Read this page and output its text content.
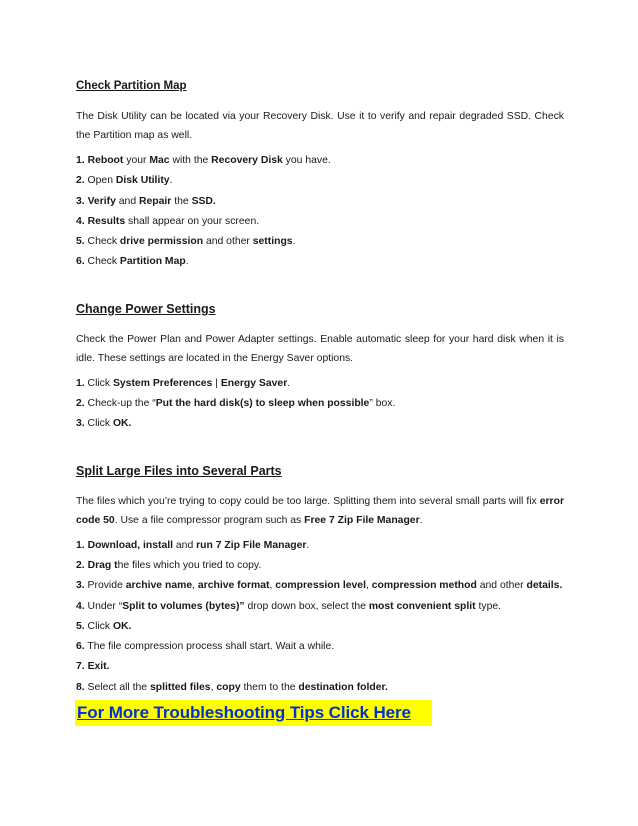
Check Partition Map

The Disk Utility can be located via your Recovery Disk. Use it to verify and repair degraded SSD. Check the Partition map as well.

1. Reboot your Mac with the Recovery Disk you have.
2. Open Disk Utility.
3. Verify and Repair the SSD.
4. Results shall appear on your screen.
5. Check drive permission and other settings.
6. Check Partition Map.
Change Power Settings

Check the Power Plan and Power Adapter settings. Enable automatic sleep for your hard disk when it is idle. These settings are located in the Energy Saver options.

1. Click System Preferences | Energy Saver.
2. Check-up the “Put the hard disk(s) to sleep when possible” box.
3. Click OK.
Split Large Files into Several Parts

The files which you’re trying to copy could be too large. Splitting them into several small parts will fix error code 50. Use a file compressor program such as Free 7 Zip File Manager.

1. Download, install and run 7 Zip File Manager.
2. Drag the files which you tried to copy.
3. Provide archive name, archive format, compression level, compression method and other details.
4. Under “Split to volumes (bytes)” drop down box, select the most convenient split type.
5. Click OK.
6. The file compression process shall start. Wait a while.
7. Exit.
8. Select all the splitted files, copy them to the destination folder.
For More Troubleshooting Tips Click Here
